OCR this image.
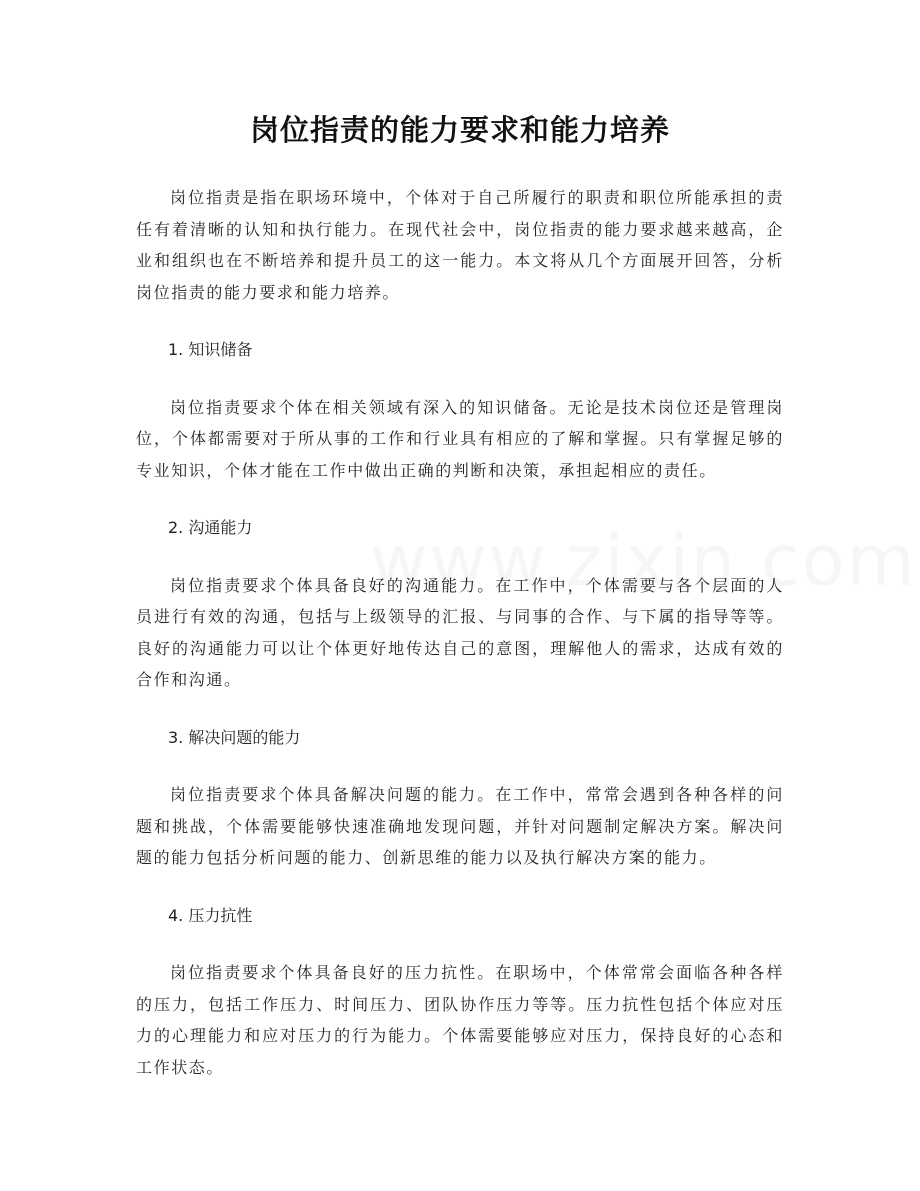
岗位指责的能力要求和能力培养

岗位指责是指在职场环境中，个体对于自己所履行的职责和职位所能承担的责任有着清晰的认知和执行能力。在现代社会中，岗位指责的能力要求越来越高，企业和组织也在不断培养和提升员工的这一能力。本文将从几个方面展开回答，分析岗位指责的能力要求和能力培养。

1. 知识储备

岗位指责要求个体在相关领域有深入的知识储备。无论是技术岗位还是管理岗位，个体都需要对于所从事的工作和行业具有相应的了解和掌握。只有掌握足够的专业知识，个体才能在工作中做出正确的判断和决策，承担起相应的责任。

2. 沟通能力

岗位指责要求个体具备良好的沟通能力。在工作中，个体需要与各个层面的人员进行有效的沟通，包括与上级领导的汇报、与同事的合作、与下属的指导等等。良好的沟通能力可以让个体更好地传达自己的意图，理解他人的需求，达成有效的合作和沟通。

3. 解决问题的能力

岗位指责要求个体具备解决问题的能力。在工作中，常常会遇到各种各样的问题和挑战，个体需要能够快速准确地发现问题，并针对问题制定解决方案。解决问题的能力包括分析问题的能力、创新思维的能力以及执行解决方案的能力。

4. 压力抗性

岗位指责要求个体具备良好的压力抗性。在职场中，个体常常会面临各种各样的压力，包括工作压力、时间压力、团队协作压力等等。压力抗性包括个体应对压力的心理能力和应对压力的行为能力。个体需要能够应对压力，保持良好的心态和工作状态。
